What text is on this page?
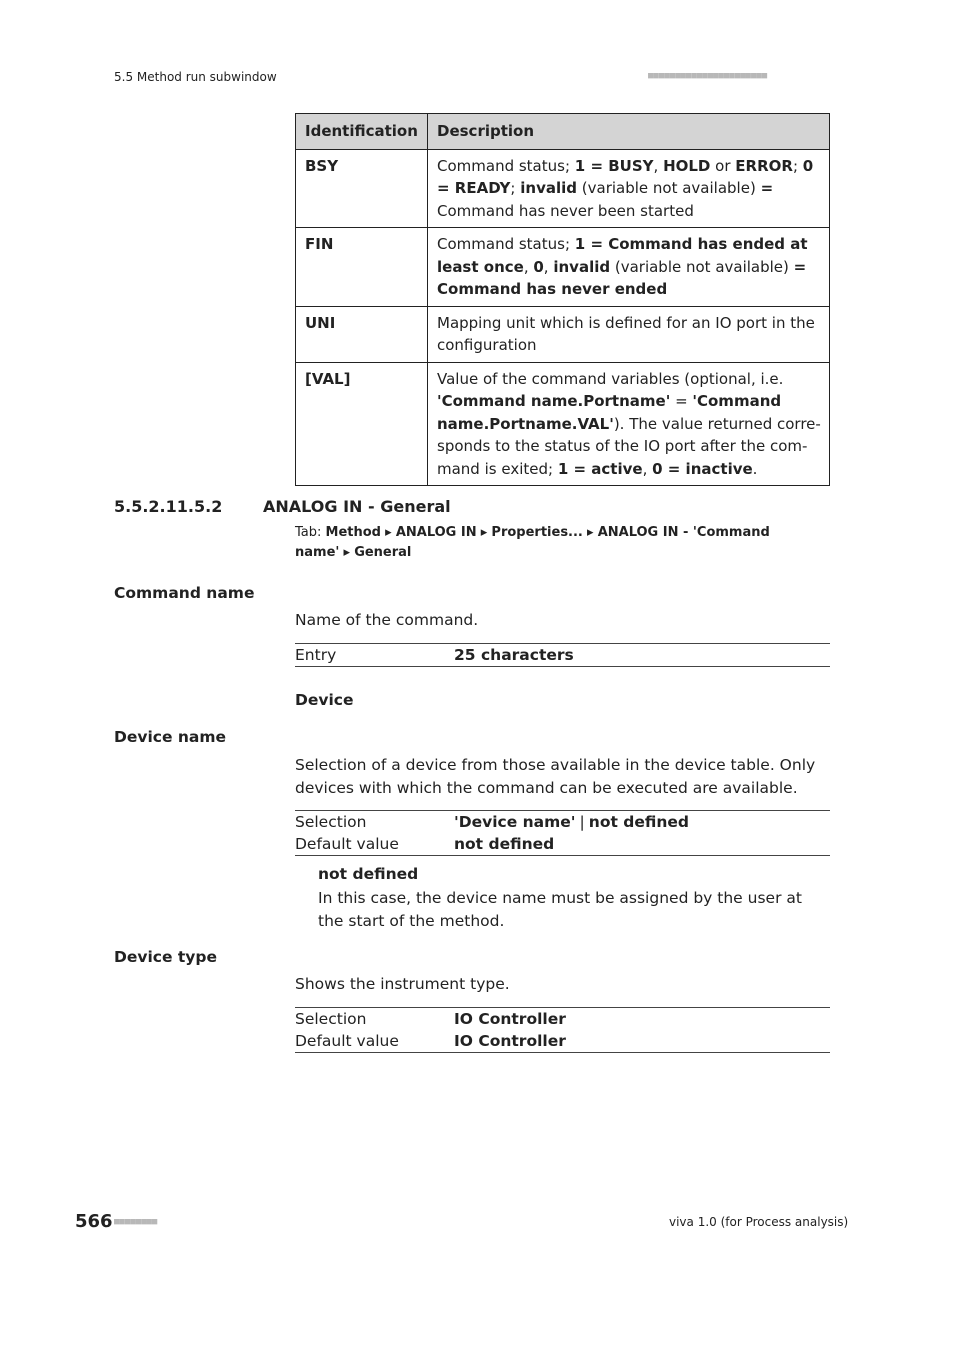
5.5 Method run subwindow	■■■■■■■■■■■■■■■■■■■■■■
Identification	Description
BSY	Command status; 1 = BUSY, HOLD or ERROR; 0 = READY; invalid (variable not available) = Command has never been started
FIN	Command status; 1 = Command has ended at least once, 0, invalid (variable not available) = Command has never ended
UNI	Mapping unit which is defined for an IO port in the configuration
[VAL]	Value of the command variables (optional, i.e. 'Command name.Portname' = 'Command name.Portname.VAL'). The value returned corre-sponds to the status of the IO port after the com-mand is exited; 1 = active, 0 = inactive.
5.5.2.11.5.2	ANALOG IN - General
Tab: Method ▸ ANALOG IN ▸ Properties... ▸ ANALOG IN - 'Command name' ▸ General
Command name
Name of the command.
Entry	25 characters
Device
Device name
Selection of a device from those available in the device table. Only devices with which the command can be executed are available.
Selection	'Device name' | not defined
Default value	not defined
not defined
In this case, the device name must be assigned by the user at the start of the method.
Device type
Shows the instrument type.
Selection	IO Controller
Default value	IO Controller
566 ■■■■■■■■	viva 1.0 (for Process analysis)
